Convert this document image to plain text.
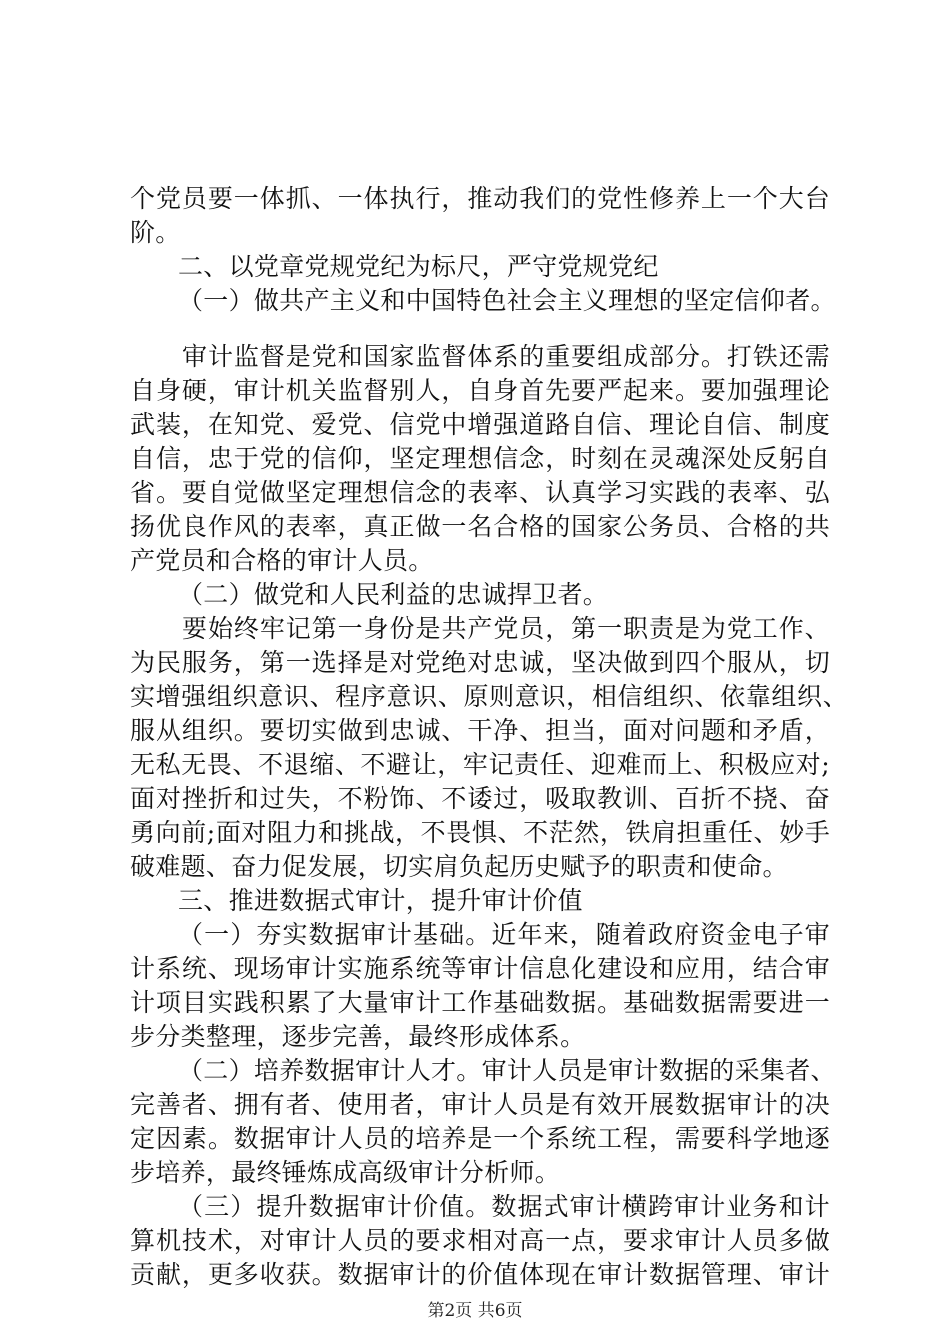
个党员要一体抓、一体执行，推动我们的党性修养上一个大台
阶。
二、以党章党规党纪为标尺，严守党规党纪
（一）做共产主义和中国特色社会主义理想的坚定信仰者。
审计监督是党和国家监督体系的重要组成部分。打铁还需
自身硬，审计机关监督别人，自身首先要严起来。要加强理论
武装，在知党、爱党、信党中增强道路自信、理论自信、制度
自信，忠于党的信仰，坚定理想信念，时刻在灵魂深处反躬自
省。要自觉做坚定理想信念的表率、认真学习实践的表率、弘
扬优良作风的表率，真正做一名合格的国家公务员、合格的共
产党员和合格的审计人员。
（二）做党和人民利益的忠诚捍卫者。
要始终牢记第一身份是共产党员，第一职责是为党工作、
为民服务，第一选择是对党绝对忠诚，坚决做到四个服从，切
实增强组织意识、程序意识、原则意识，相信组织、依靠组织、
服从组织。要切实做到忠诚、干净、担当，面对问题和矛盾，
无私无畏、不退缩、不避让，牢记责任、迎难而上、积极应对;
面对挫折和过失，不粉饰、不诿过，吸取教训、百折不挠、奋
勇向前;面对阻力和挑战，不畏惧、不茫然，铁肩担重任、妙手
破难题、奋力促发展，切实肩负起历史赋予的职责和使命。
三、推进数据式审计，提升审计价值
（一）夯实数据审计基础。近年来，随着政府资金电子审
计系统、现场审计实施系统等审计信息化建设和应用，结合审
计项目实践积累了大量审计工作基础数据。基础数据需要进一
步分类整理，逐步完善，最终形成体系。
（二）培养数据审计人才。审计人员是审计数据的采集者、
完善者、拥有者、使用者，审计人员是有效开展数据审计的决
定因素。数据审计人员的培养是一个系统工程，需要科学地逐
步培养，最终锤炼成高级审计分析师。
（三）提升数据审计价值。数据式审计横跨审计业务和计
算机技术，对审计人员的要求相对高一点，要求审计人员多做
贡献，更多收获。数据审计的价值体现在审计数据管理、审计
第2页 共6页
